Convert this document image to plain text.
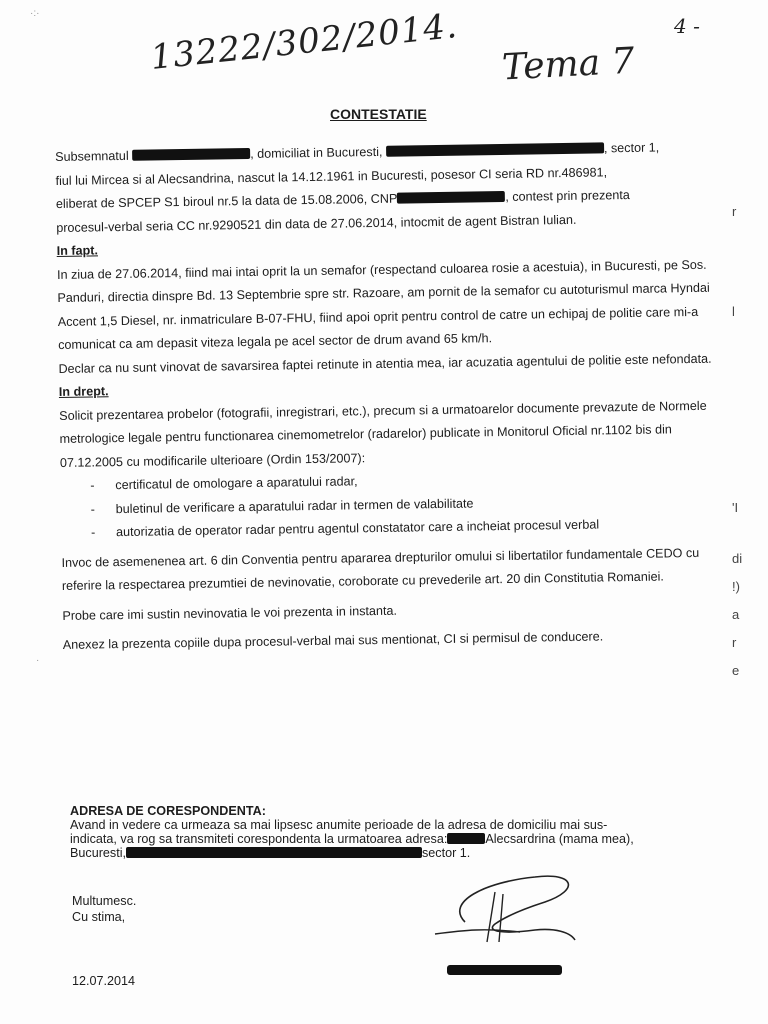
13222/302/2014. Tema 7
4 -
CONTESTATIE

Subsemnatul	, domiciliat in Bucuresti,	, sector 1,

fiul lui Mircea si al Alecsandrina, nascut la 14.12.1961 in Bucuresti, posesor CI seria RD nr.486981,

eliberat de SPCEP S1 biroul nr.5 la data de 15.08.2006, CNP	, contest prin prezenta

procesul-verbal seria CC nr.9290521 din data de 27.06.2014, intocmit de agent Bistran Iulian.

In fapt.

In ziua de 27.06.2014, fiind mai intai oprit la un semafor (respectand culoarea rosie a acestuia), in Bucuresti, pe Sos. Panduri, directia dinspre Bd. 13 Septembrie spre str. Razoare, am pornit de la semafor cu autoturismul marca Hyndai Accent 1,5 Diesel, nr. inmatriculare B-07-FHU, fiind apoi oprit pentru control de catre un echipaj de politie care mi-a comunicat ca am depasit viteza legala pe acel sector de drum avand 65 km/h.

Declar ca nu sunt vinovat de savarsirea faptei retinute in atentia mea, iar acuzatia agentului de politie este nefondata.

In drept.

Solicit prezentarea probelor (fotografii, inregistrari, etc.), precum si a urmatoarelor documente prevazute de Normele metrologice legale pentru functionarea cinemometrelor (radarelor) publicate in Monitorul Oficial nr.1102 bis din 07.12.2005 cu modificarile ulterioare (Ordin 153/2007):

- certificatul de omologare a aparatului radar,
- buletinul de verificare a aparatului radar in termen de valabilitate
- autorizatia de operator radar pentru agentul constatator care a incheiat procesul verbal

Invoc de asemenenea art. 6 din Conventia pentru apararea drepturilor omului si libertatilor fundamentale CEDO cu referire la respectarea prezumtiei de nevinovatie, coroborate cu prevederile art. 20 din Constitutia Romaniei.

Probe care imi sustin nevinovatia le voi prezenta in instanta.

Anexez la prezenta copiile dupa procesul-verbal mai sus mentionat, CI si permisul de conducere.

ADRESA DE CORESPONDENTA:
Avand in vedere ca urmeaza sa mai lipsesc anumite perioade de la adresa de domiciliu mai sus-
indicata, va rog sa transmiteti corespondenta la urmatoarea adresa:	Alecsardrina (mama mea),
Bucuresti,	sector 1.
Multumesc.
Cu stima,
12.07.2014
r
l
'I
di
!)
a
r
e
·:·
·
